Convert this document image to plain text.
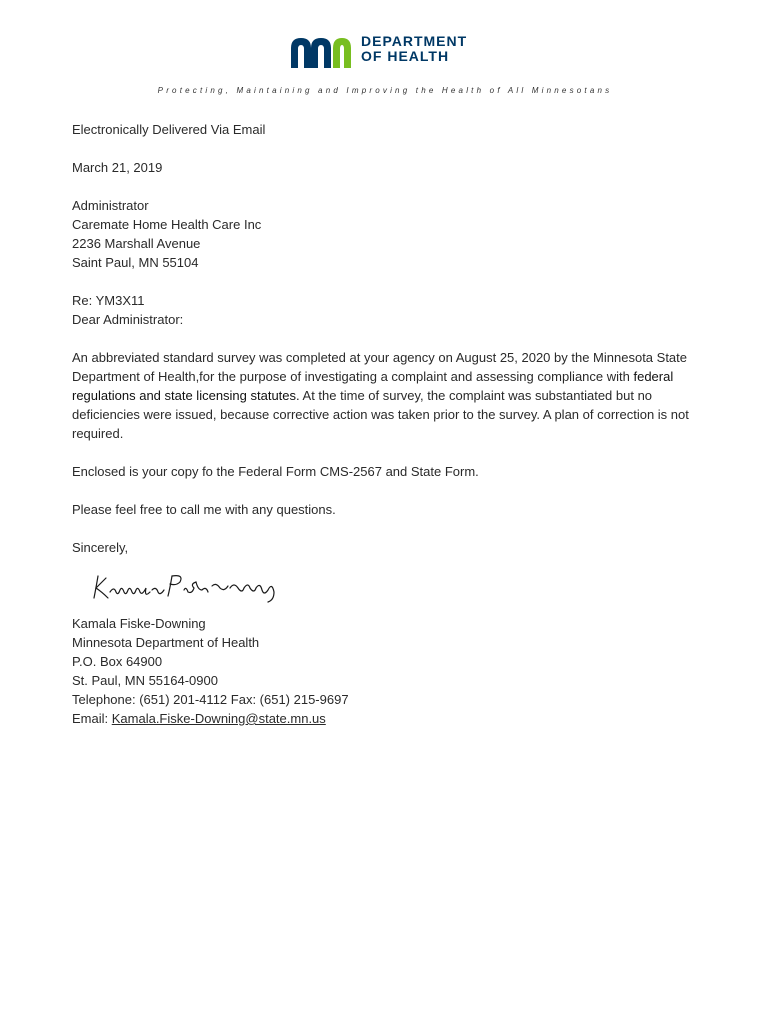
DEPARTMENT
OF HEALTH
Protecting, Maintaining and Improving the Health of All Minnesotans

Electronically Delivered Via Email

March 21, 2019

Administrator
Caremate Home Health Care Inc
2236 Marshall Avenue
Saint Paul, MN 55104

Re: YM3X11
Dear Administrator:

An abbreviated standard survey was completed at your agency on August 25, 2020 by the Minnesota State Department of Health,for the purpose of investigating a complaint and assessing compliance with federal regulations and state licensing statutes. At the time of survey, the complaint was substantiated but no deficiencies were issued, because corrective action was taken prior to the survey. A plan of correction is not required.

Enclosed is your copy fo the Federal Form CMS-2567 and State Form.

Please feel free to call me with any questions.

Sincerely,

Kamala Fiske-Downing
Minnesota Department of Health
P.O. Box 64900
St. Paul, MN 55164-0900
Telephone: (651) 201-4112 Fax: (651) 215-9697
Email: Kamala.Fiske-Downing@state.mn.us
